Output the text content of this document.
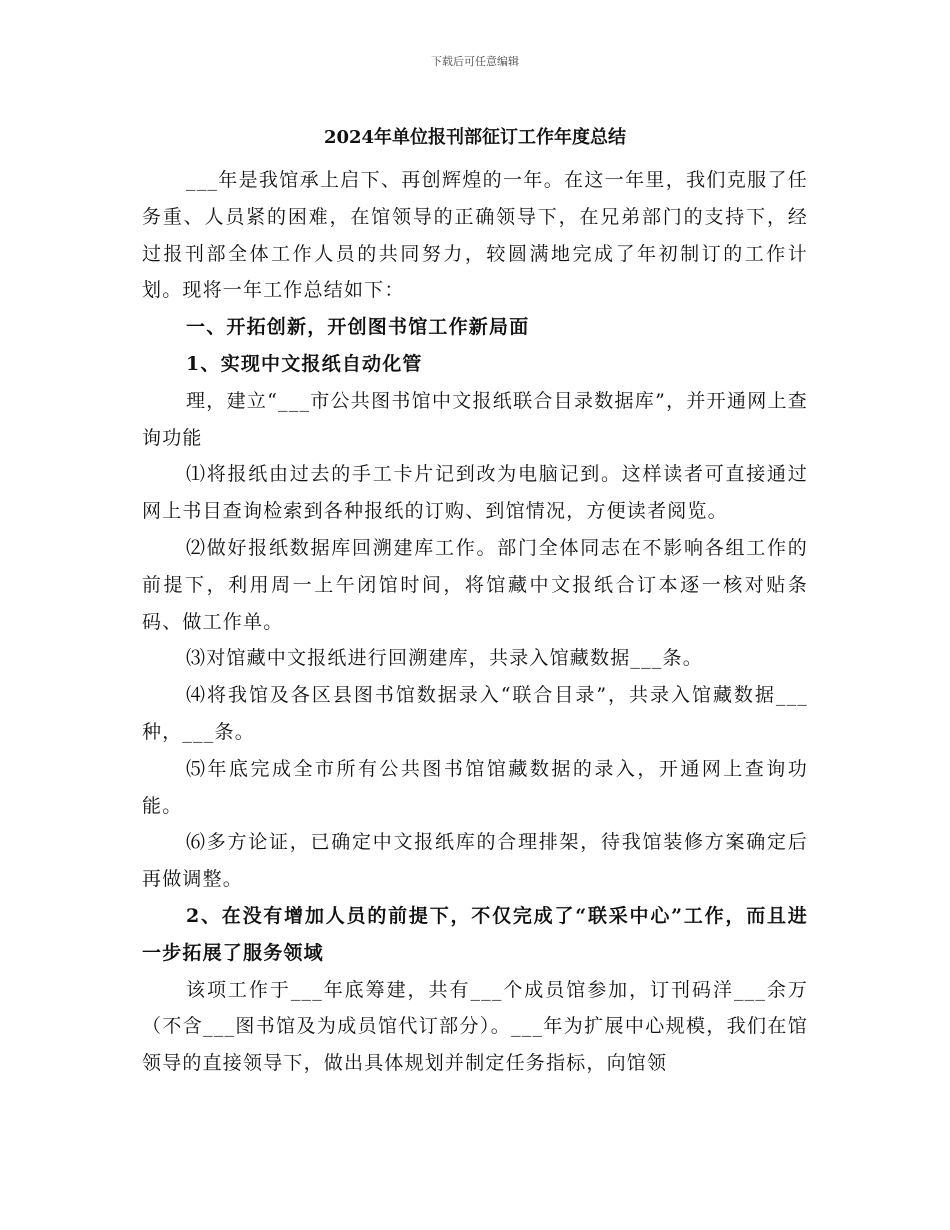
下载后可任意编辑
2024年单位报刊部征订工作年度总结

___年是我馆承上启下、再创辉煌的一年。在这一年里，我们克服了任务重、人员紧的困难，在馆领导的正确领导下，在兄弟部门的支持下，经过报刊部全体工作人员的共同努力，较圆满地完成了年初制订的工作计划。现将一年工作总结如下：

一、开拓创新，开创图书馆工作新局面

1、实现中文报纸自动化管

理，建立“___市公共图书馆中文报纸联合目录数据库”，并开通网上查询功能

⑴将报纸由过去的手工卡片记到改为电脑记到。这样读者可直接通过网上书目查询检索到各种报纸的订购、到馆情况，方便读者阅览。

⑵做好报纸数据库回溯建库工作。部门全体同志在不影响各组工作的前提下，利用周一上午闭馆时间，将馆藏中文报纸合订本逐一核对贴条码、做工作单。

⑶对馆藏中文报纸进行回溯建库，共录入馆藏数据___条。

⑷将我馆及各区县图书馆数据录入“联合目录”，共录入馆藏数据___种，___条。

⑸年底完成全市所有公共图书馆馆藏数据的录入，开通网上查询功能。

⑹多方论证，已确定中文报纸库的合理排架，待我馆装修方案确定后再做调整。

2、在没有增加人员的前提下，不仅完成了“联采中心”工作，而且进一步拓展了服务领域

该项工作于___年底筹建，共有___个成员馆参加，订刊码洋___余万（不含___图书馆及为成员馆代订部分）。___年为扩展中心规模，我们在馆领导的直接领导下，做出具体规划并制定任务指标，向馆领
